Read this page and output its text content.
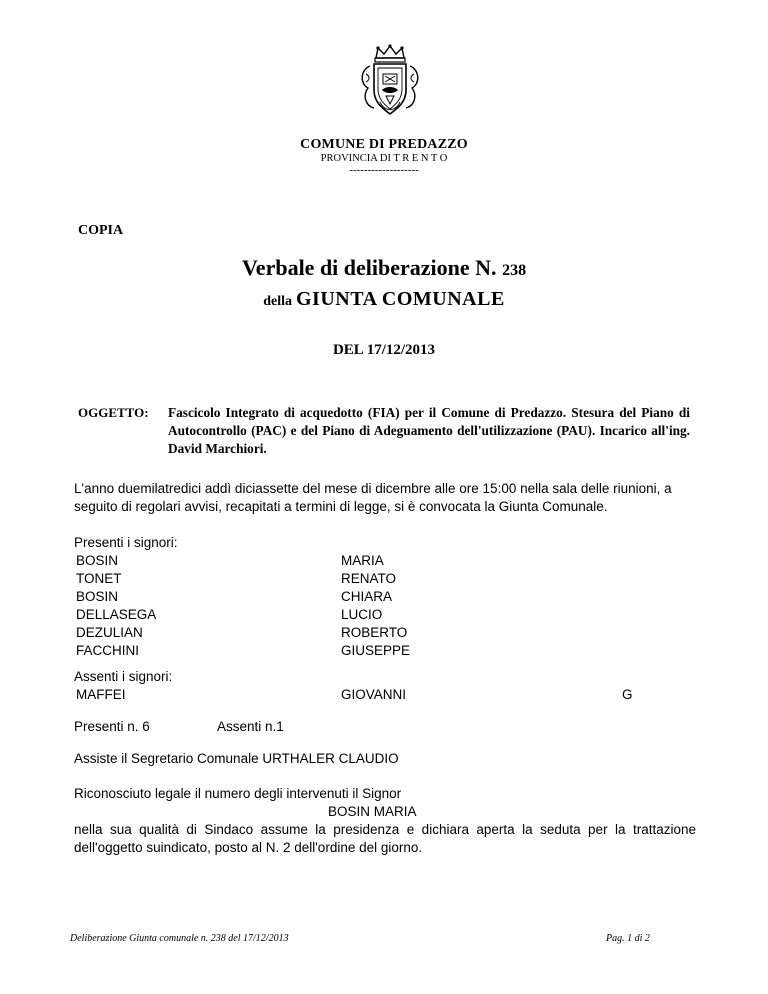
COMUNE DI PREDAZZO
PROVINCIA DI T R E N T O
-------------------
COPIA
Verbale di deliberazione N. 238
della GIUNTA COMUNALE
DEL 17/12/2013
OGGETTO: Fascicolo Integrato di acquedotto (FIA) per il Comune di Predazzo. Stesura del Piano di Autocontrollo (PAC) e del Piano di Adeguamento dell'utilizzazione (PAU). Incarico all'ing. David Marchiori.
L'anno duemilatredici addì diciassette del mese di dicembre alle ore 15:00 nella sala delle riunioni, a seguito di regolari avvisi, recapitati a termini di legge, si è convocata la Giunta Comunale.
Presenti i signori:
BOSIN	MARIA
TONET	RENATO
BOSIN	CHIARA
DELLASEGA	LUCIO
DEZULIAN	ROBERTO
FACCHINI	GIUSEPPE
Assenti i signori:
MAFFEI	GIOVANNI	G
Presenti n. 6	Assenti n.1
Assiste il Segretario Comunale URTHALER CLAUDIO
Riconosciuto legale il numero degli intervenuti il Signor
BOSIN MARIA
nella sua qualità di Sindaco assume la presidenza e dichiara aperta la seduta per la trattazione dell'oggetto suindicato, posto al N. 2 dell'ordine del giorno.
Deliberazione Giunta comunale n. 238 del 17/12/2013	Pag. 1 di 2
